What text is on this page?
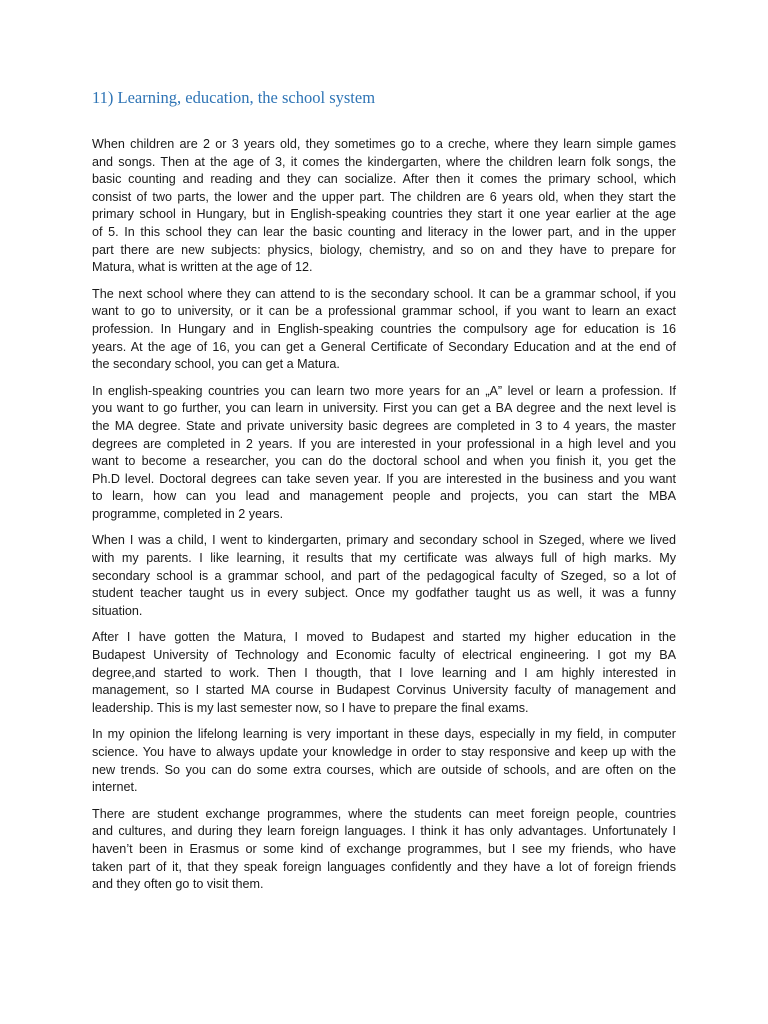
11) Learning, education, the school system

When children are 2 or 3 years old, they sometimes go to a creche, where they learn simple games
and songs. Then at the age of 3, it comes the kindergarten, where the children learn folk songs, the
basic counting and reading and they can socialize. After then it comes the primary school, which
consist of two parts, the lower and the upper part. The children are 6 years old, when they start the
primary school in Hungary, but in English-speaking countries they start it one year earlier at the age
of 5. In this school they can lear the basic counting and literacy in the lower part, and in the upper
part there are new subjects: physics, biology, chemistry, and so on and they have to prepare for
Matura, what is written at the age of 12.

The next school where they can attend to is the secondary school. It can be a grammar school, if you
want to go to university, or it can be a professional grammar school, if you want to learn an exact
profession. In Hungary and in English-speaking countries the compulsory age for education is 16
years. At the age of 16, you can get a General Certificate of Secondary Education and at the end of
the secondary school, you can get a Matura.

In english-speaking countries you can learn two more years for an „A” level or learn a profession. If
you want to go further, you can learn in university. First you can get a BA degree and the next level is
the MA degree. State and private university basic degrees are completed in 3 to 4 years, the master
degrees are completed in 2 years. If you are interested in your professional in a high level and you
want to become a researcher, you can do the doctoral school and when you finish it, you get the
Ph.D level. Doctoral degrees can take seven year. If you are interested in the business and you want
to learn, how can you lead and management people and projects, you can start the MBA
programme, completed in 2 years.

When I was a child, I went to kindergarten, primary and secondary school in Szeged, where we lived
with my parents. I like learning, it results that my certificate was always full of high marks. My
secondary school is a grammar school, and part of the pedagogical faculty of Szeged, so a lot of
student teacher taught us in every subject. Once my godfather taught us as well, it was a funny
situation.

After I have gotten the Matura, I moved to Budapest and started my higher education in the
Budapest University of Technology and Economic faculty of electrical engineering. I got my BA
degree,and started to work. Then I thougth, that I love learning and I am highly interested in
management, so I started MA course in Budapest Corvinus University faculty of management and
leadership. This is my last semester now, so I have to prepare the final exams.

In my opinion the lifelong learning is very important in these days, especially in my field, in computer
science. You have to always update your knowledge in order to stay responsive and keep up with the
new trends. So you can do some extra courses, which are outside of schools, and are often on the
internet.

There are student exchange programmes, where the students can meet foreign people, countries
and cultures, and during they learn foreign languages. I think it has only advantages. Unfortunately I
haven’t been in Erasmus or some kind of exchange programmes, but I see my friends, who have
taken part of it, that they speak foreign languages confidently and they have a lot of foreign friends
and they often go to visit them.
